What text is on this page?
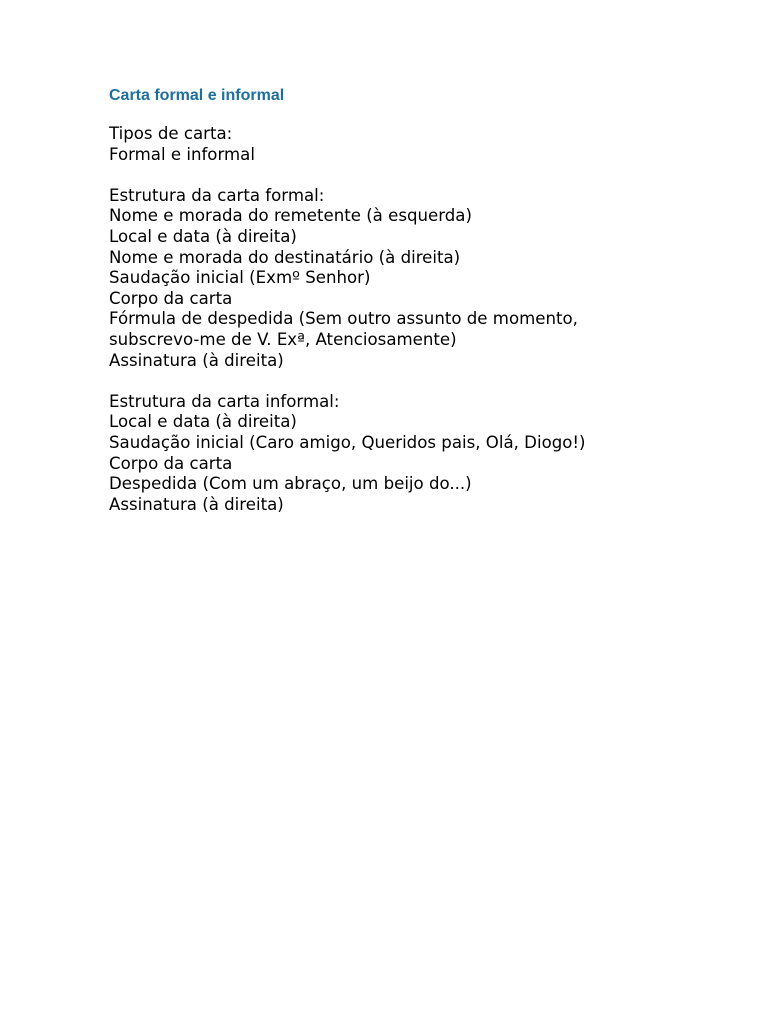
Carta formal e informal
Tipos de carta:
Formal e informal
Estrutura da carta formal:
Nome e morada do remetente (à esquerda)
Local e data (à direita)
Nome e morada do destinatário (à direita)
Saudação inicial (Exmº Senhor)
Corpo da carta
Fórmula de despedida (Sem outro assunto de momento,
subscrevo-me de V. Exª, Atenciosamente)
Assinatura (à direita)
Estrutura da carta informal:
Local e data (à direita)
Saudação inicial (Caro amigo, Queridos pais, Olá, Diogo!)
Corpo da carta
Despedida (Com um abraço, um beijo do...)
Assinatura (à direita)
